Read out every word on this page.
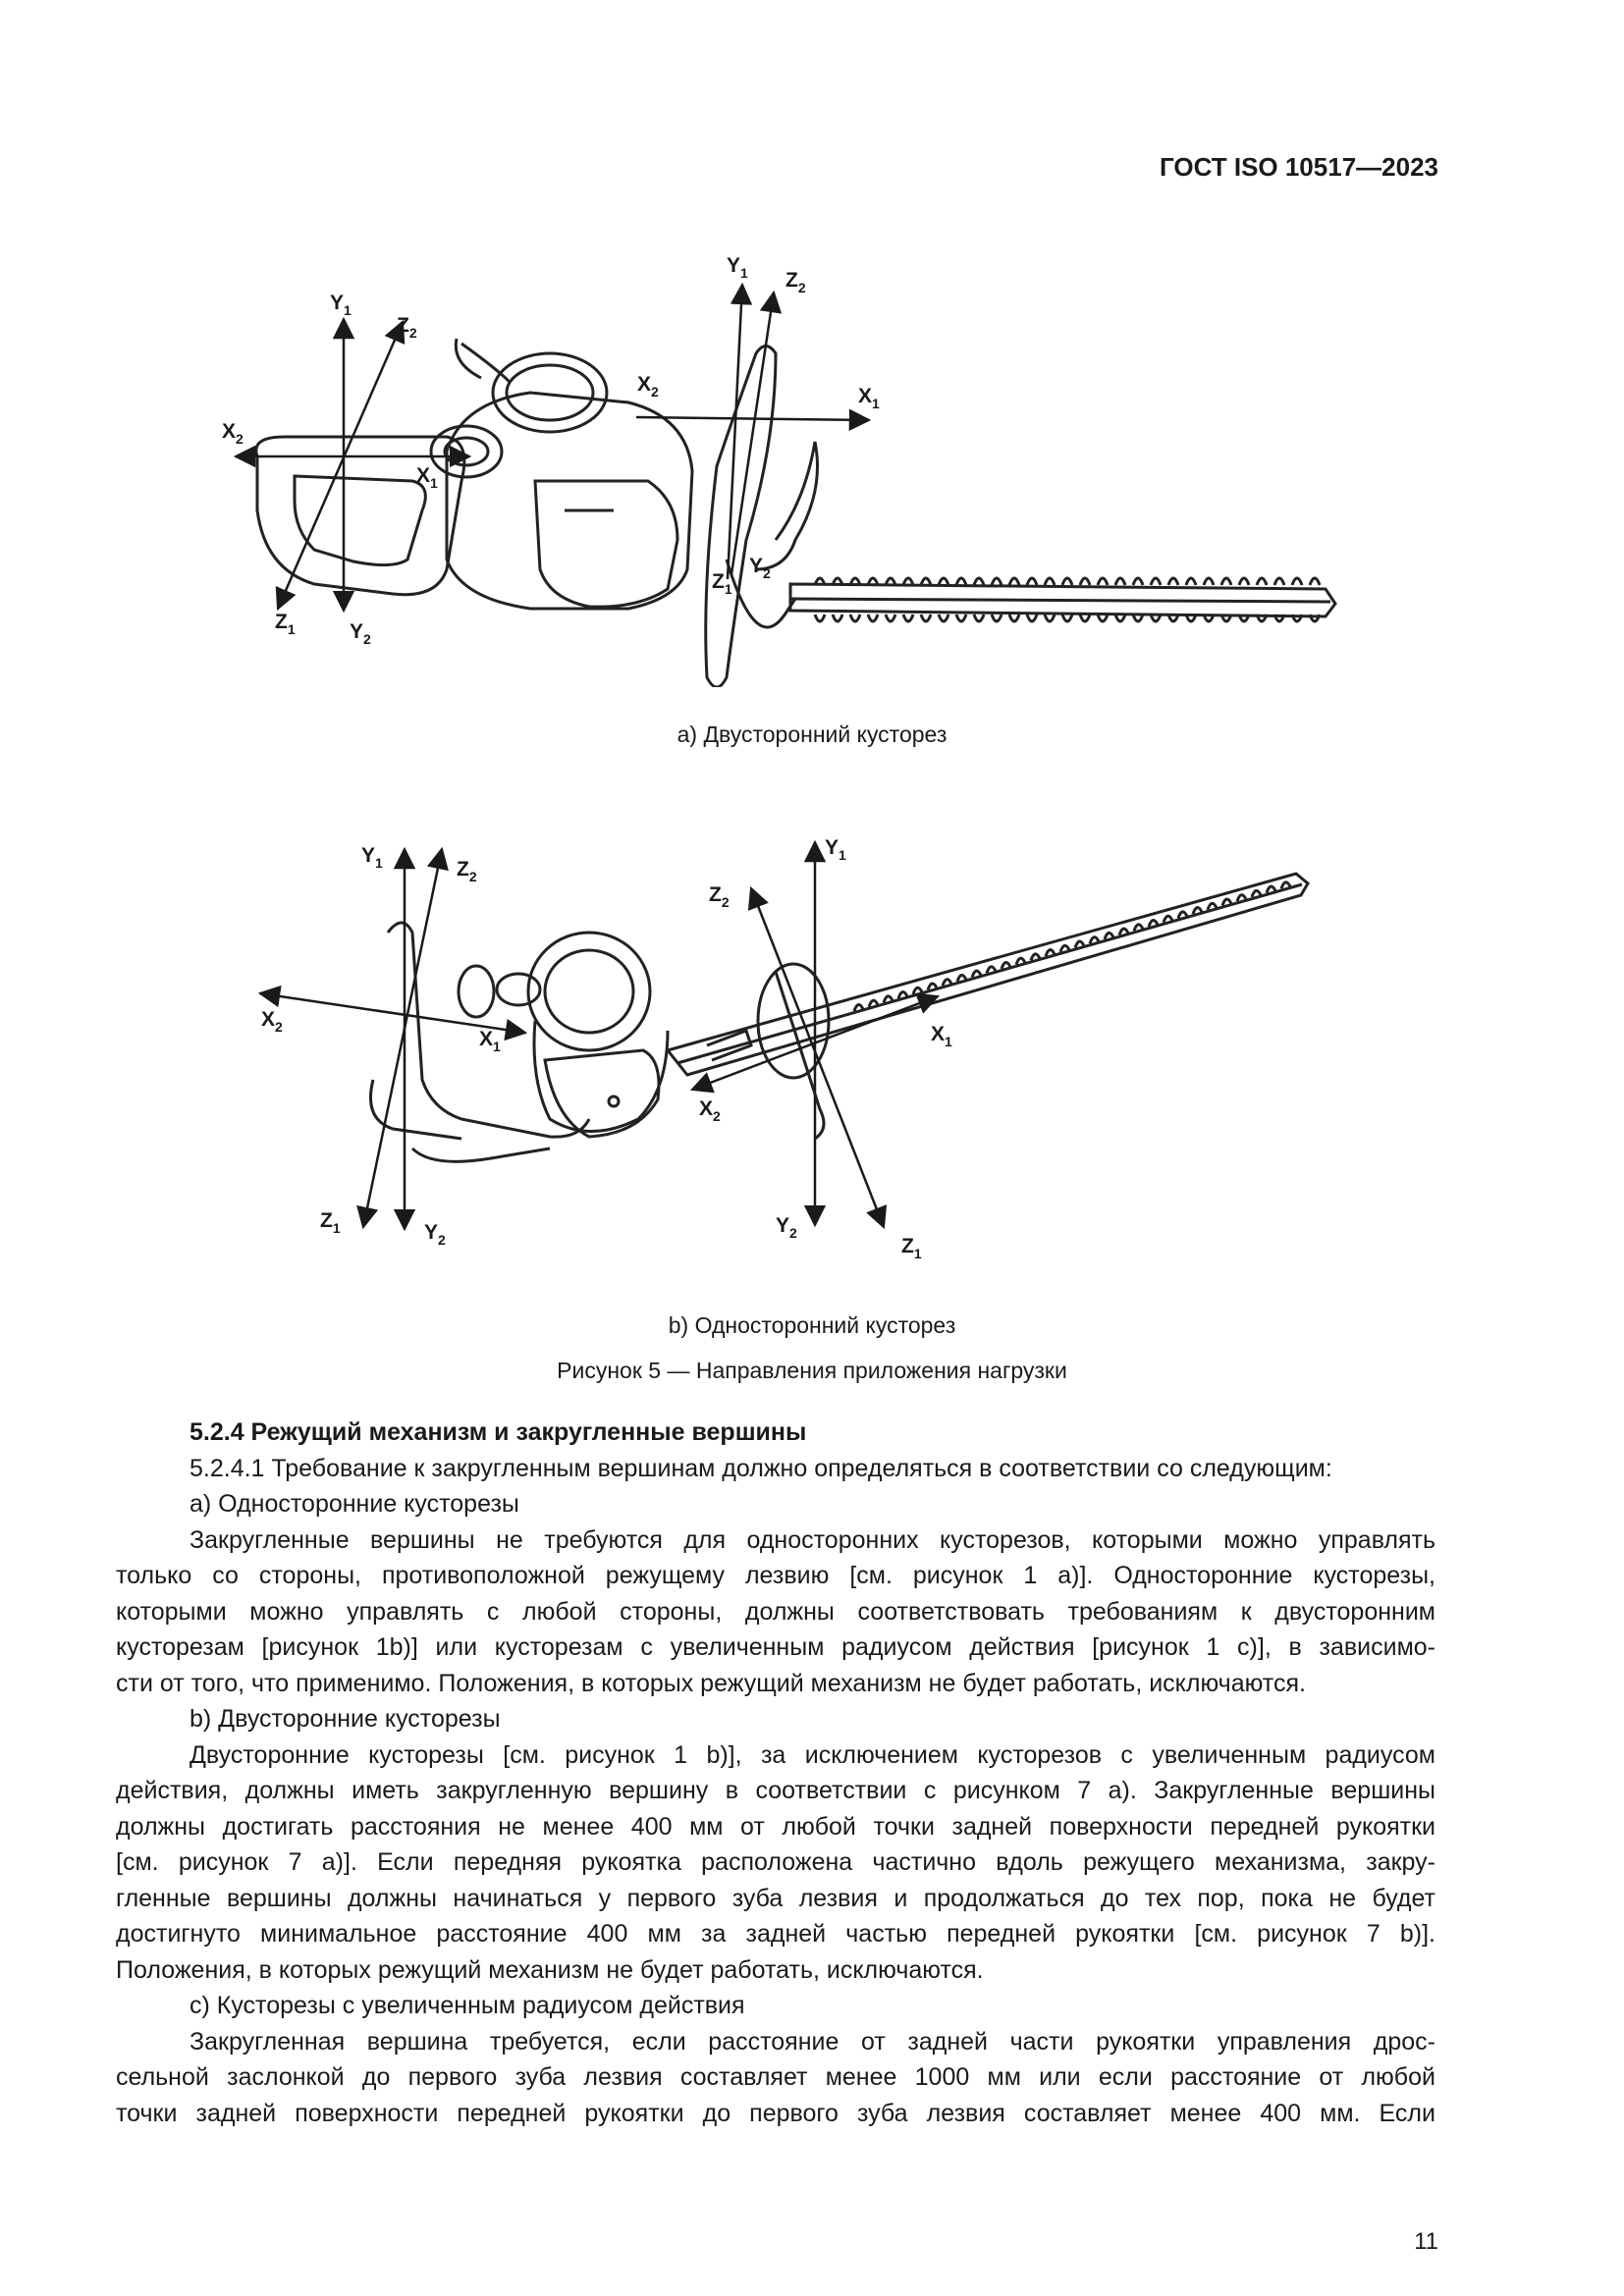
ГОСТ ISO 10517—2023
$Y_1$
$Z_2$
$X_2$
$X_1$
$Z_1$	$Y_2$
$Y_1$ $Z_2$
$X_2$	$X_1$
$Y_2$
$Z_1$
а) Двусторонний кусторез
$Y_1$	$Z_2$
$X_2$
$X_1$
$Z_1$	$Y_2$
$Y_1$
$Z_2$
$X_1$
$X_2$
$Y_2$
$Z_1$
b) Односторонний кусторез
Рисунок 5 — Направления приложения нагрузки

5.2.4 Режущий механизм и закругленные вершины

5.2.4.1 Требование к закругленным вершинам должно определяться в соответствии со следующим:

а) Односторонние кусторезы

Закругленные вершины не требуются для односторонних кусторезов, которыми можно управлять

только со стороны, противоположной режущему лезвию [см. рисунок 1 а)]. Односторонние кусторезы,

которыми можно управлять с любой стороны, должны соответствовать требованиям к двусторонним

кусторезам [рисунок 1b)] или кусторезам с увеличенным радиусом действия [рисунок 1 с)], в зависимо-

сти от того, что применимо. Положения, в которых режущий механизм не будет работать, исключаются.

b) Двусторонние кусторезы

Двусторонние кусторезы [см. рисунок 1 b)], за исключением кусторезов с увеличенным радиусом

действия, должны иметь закругленную вершину в соответствии с рисунком 7 а). Закругленные вершины

должны достигать расстояния не менее 400 мм от любой точки задней поверхности передней рукоятки

[см. рисунок 7 а)]. Если передняя рукоятка расположена частично вдоль режущего механизма, закру-

гленные вершины должны начинаться у первого зуба лезвия и продолжаться до тех пор, пока не будет

достигнуто минимальное расстояние 400 мм за задней частью передней рукоятки [см. рисунок 7 b)].

Положения, в которых режущий механизм не будет работать, исключаются.

с) Кусторезы с увеличенным радиусом действия

Закругленная вершина требуется, если расстояние от задней части рукоятки управления дрос-

сельной заслонкой до первого зуба лезвия составляет менее 1000 мм или если расстояние от любой

точки задней поверхности передней рукоятки до первого зуба лезвия составляет менее 400 мм. Если

11
